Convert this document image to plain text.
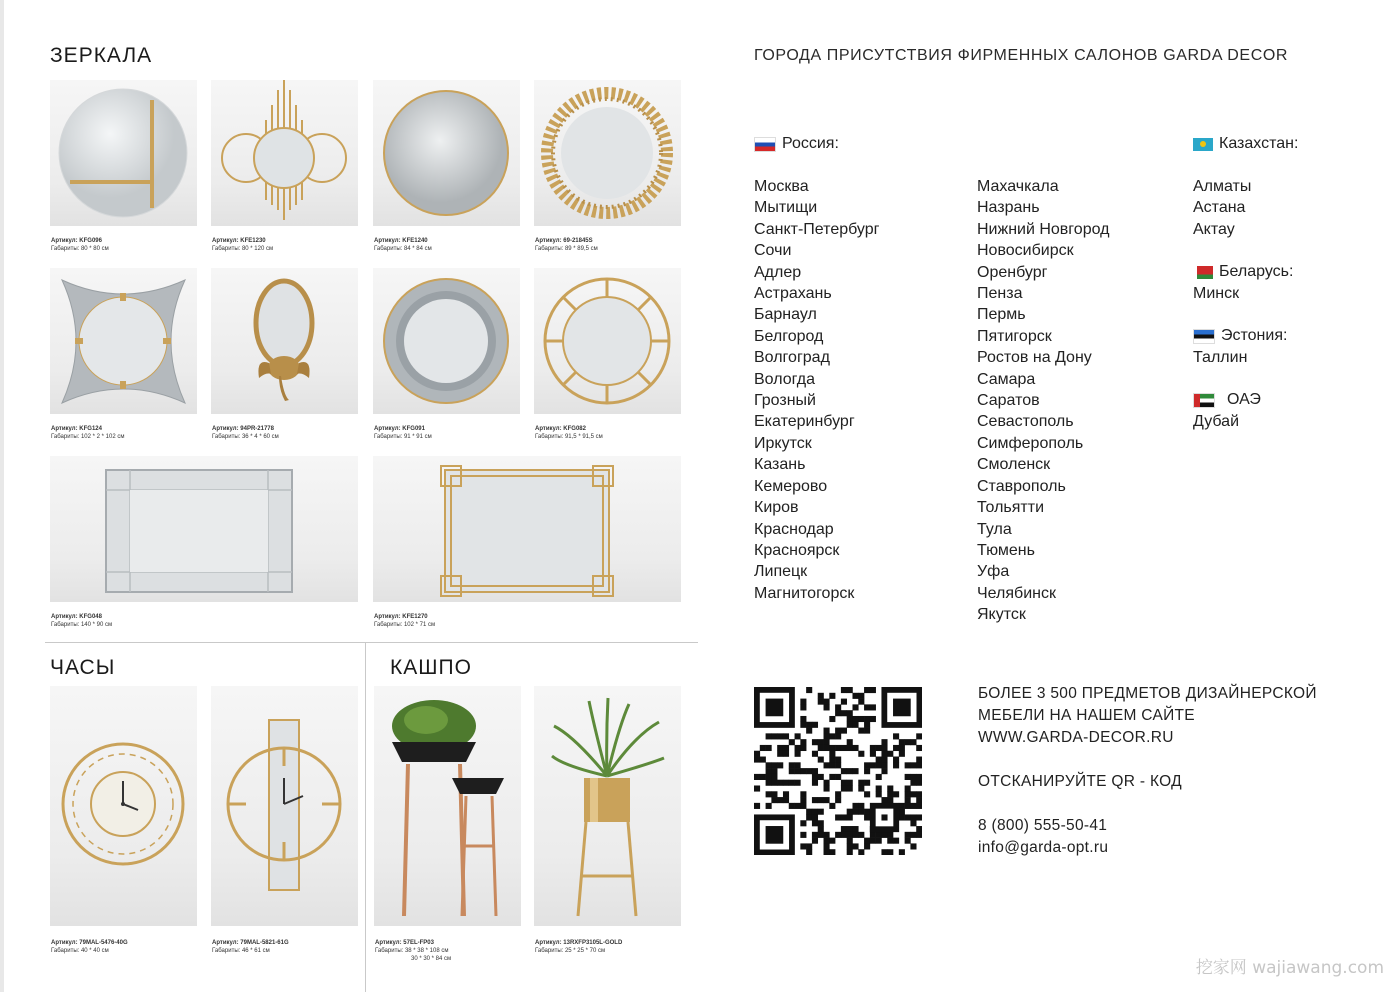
ЗЕРКАЛА
Артикул: KFG096
Габариты: 80 * 80 см
Артикул: KFE1230
Габариты: 80 * 120 см
Артикул: KFE1240
Габариты: 84 * 84 см
Артикул: 69-21845S
Габариты: 89 * 89,5 см
Артикул: KFG124
Габариты: 102 * 2 * 102 см
Артикул: 94PR-21778
Габариты: 36 * 4 * 60 см
Артикул: KFG091
Габариты: 91 * 91 см
Артикул: KFG082
Габариты: 91,5 * 91,5 см
Артикул: KFG048
Габариты: 140 * 90 см
Артикул: KFE1270
Габариты: 102 * 71 см
ЧАСЫ
Артикул: 79MAL-5476-40G
Габариты: 40 * 40 см
Артикул: 79MAL-5821-61G
Габариты: 46 * 61 см
КАШПО
Артикул: 57EL-FP03
Габариты: 38 * 38 * 108 см
30 * 30 * 84 см
Артикул: 13RXFP3105L-GOLD
Габариты: 25 * 25 * 70 см
ГОРОДА ПРИСУТСТВИЯ ФИРМЕННЫХ САЛОНОВ GARDA DECOR
Россия:
Москва
Мытищи
Санкт-Петербург
Сочи
Адлер
Астрахань
Барнаул
Белгород
Волгоград
Вологда
Грозный
Екатеринбург
Иркутск
Казань
Кемерово
Киров
Краснодар
Красноярск
Липецк
Магнитогорск
Махачкала
Назрань
Нижний Новгород
Новосибирск
Оренбург
Пенза
Пермь
Пятигорск
Ростов на Дону
Самара
Саратов
Севастополь
Симферополь
Смоленск
Ставрополь
Тольятти
Тула
Тюмень
Уфа
Челябинск
Якутск
Казахстан:
Алматы
Астана
Актау
Беларусь:
Минск
Эстония:
Таллин
ОАЭ
Дубай
БОЛЕЕ 3 500 ПРЕДМЕТОВ ДИЗАЙНЕРСКОЙ
МЕБЕЛИ НА НАШЕМ САЙТЕ
WWW.GARDA-DECOR.RU
ОТСКАНИРУЙТЕ QR - КОД
8 (800) 555-50-41
info@garda-opt.ru
挖家网 wajiawang.com
